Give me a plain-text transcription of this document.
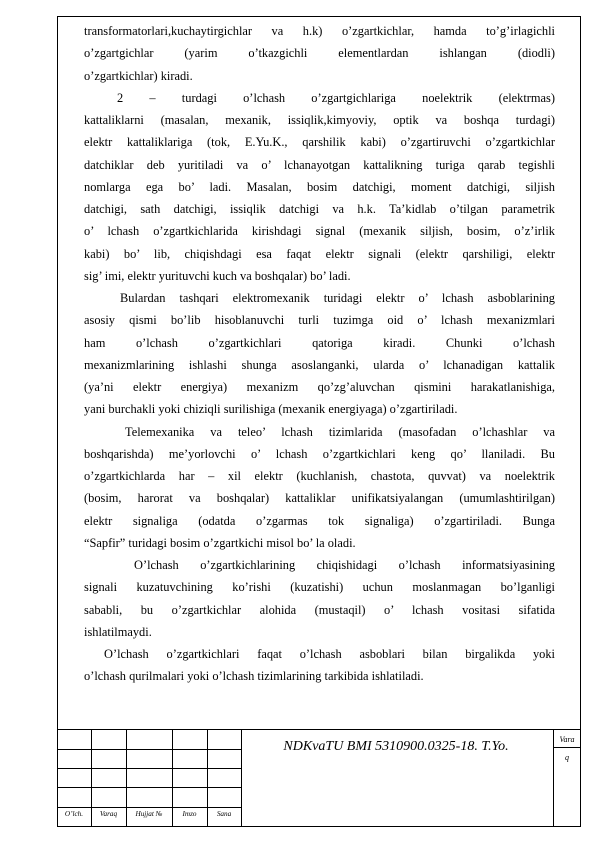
transformatorlari,kuchaytirgichlar va h.k) o’zgartkichlar, hamda to’g’irlagichli
o’zgartgichlar (yarim o’tkazgichli elementlardan ishlangan (diodli)
o’zgartkichlar) kiradi.
2 – turdagi o’lchash o’zgartgichlariga noelektrik (elektrmas)
kattaliklarni (masalan, mexanik, issiqlik,kimyoviy, optik va boshqa turdagi)
elektr kattaliklariga (tok, E.Yu.K., qarshilik kabi) o’zgartiruvchi o’zgartkichlar
datchiklar deb yuritiladi va o’ lchanayotgan kattalikning turiga qarab tegishli
nomlarga ega bo’ ladi. Masalan, bosim datchigi, moment datchigi, siljish
datchigi, sath datchigi, issiqlik datchigi va h.k. Ta’kidlab o’tilgan parametrik
o’ lchash o’zgartkichlarida kirishdagi signal (mexanik siljish, bosim, o’z’irlik
kabi) bo’ lib, chiqishdagi esa faqat elektr signali (elektr qarshiligi, elektr
sig’ imi, elektr yurituvchi kuch va boshqalar) bo’ ladi.
Bulardan tashqari elektromexanik turidagi elektr o’ lchash asboblarining
asosiy qismi bo’lib hisoblanuvchi turli tuzimga oid o’ lchash mexanizmlari
ham o’lchash o’zgartkichlari qatoriga kiradi. Chunki o’lchash
mexanizmlarining ishlashi shunga asoslanganki, ularda o’ lchanadigan kattalik
(ya’ni elektr energiya) mexanizm qo’zg’aluvchan qismini harakatlanishiga,
yani burchakli yoki chiziqli surilishiga (mexanik energiyaga) o’zgartiriladi.
Telemexanika va teleo’ lchash tizimlarida (masofadan o’lchashlar va
boshqarishda) me’yorlovchi o’ lchash o’zgartkichlari keng qo’ llaniladi. Bu
o’zgartkichlarda har – xil elektr (kuchlanish, chastota, quvvat) va noelektrik
(bosim, harorat va boshqalar) kattaliklar unifikatsiyalangan (umumlashtirilgan)
elektr signaliga (odatda o’zgarmas tok signaliga) o’zgartiriladi. Bunga
“Sapfir” turidagi bosim o’zgartkichi misol bo’ la oladi.
O’lchash o’zgartkichlarining chiqishidagi o’lchash informatsiyasining
signali kuzatuvchining ko’rishi (kuzatishi) uchun moslanmagan bo’lganligi
sababli, bu o’zgartkichlar alohida (mustaqil) o’ lchash vositasi sifatida
ishlatilmaydi.
O’lchash o’zgartkichlari faqat o’lchash asboblari bilan birgalikda yoki
o’lchash qurilmalari yoki o’lchash tizimlarining tarkibida ishlatiladi.
O’lch.	Varaq	Hujjat №	Imzo	Sana
NDKvaTU BMI 5310900.0325-18. T.Yo.	Vara
q
